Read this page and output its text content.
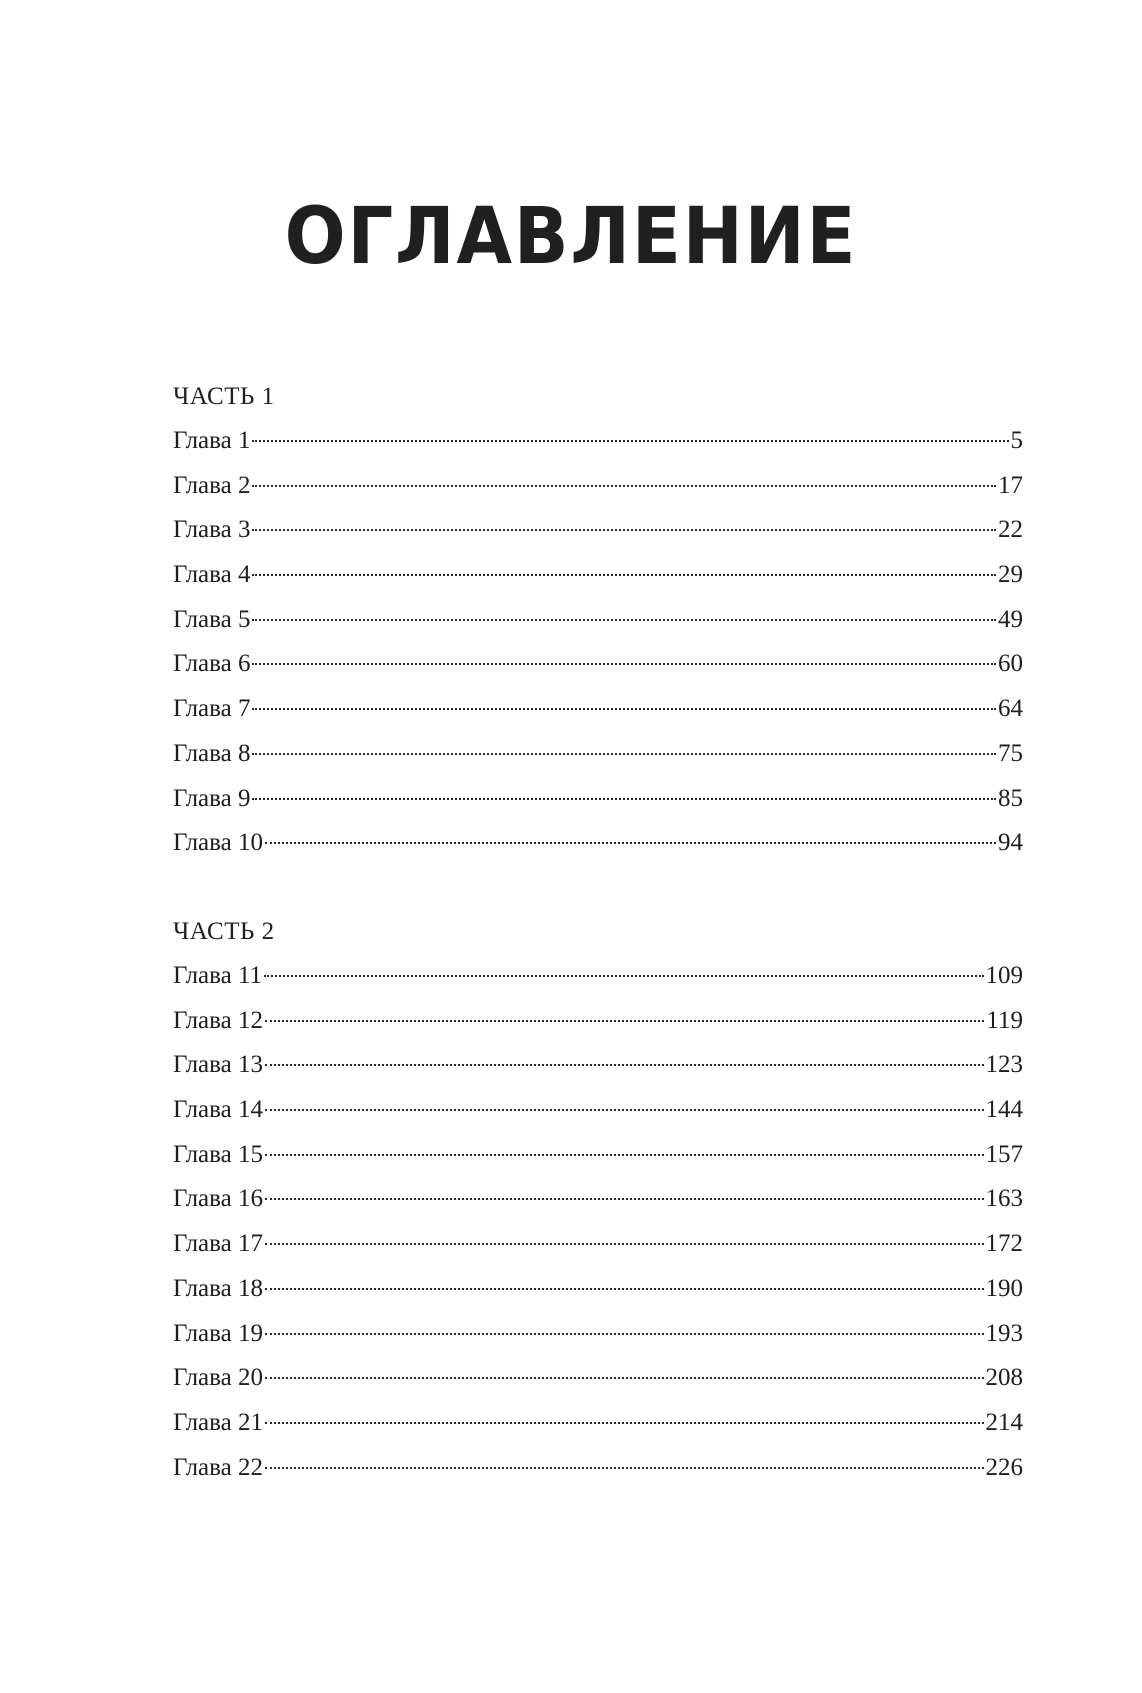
ОГЛАВЛЕНИЕ
ЧАСТЬ 1
Глава 1	5
Глава 2	17
Глава 3	22
Глава 4	29
Глава 5	49
Глава 6	60
Глава 7	64
Глава 8	75
Глава 9	85
Глава 10	94
ЧАСТЬ 2
Глава 11	109
Глава 12	119
Глава 13	123
Глава 14	144
Глава 15	157
Глава 16	163
Глава 17	172
Глава 18	190
Глава 19	193
Глава 20	208
Глава 21	214
Глава 22	226
